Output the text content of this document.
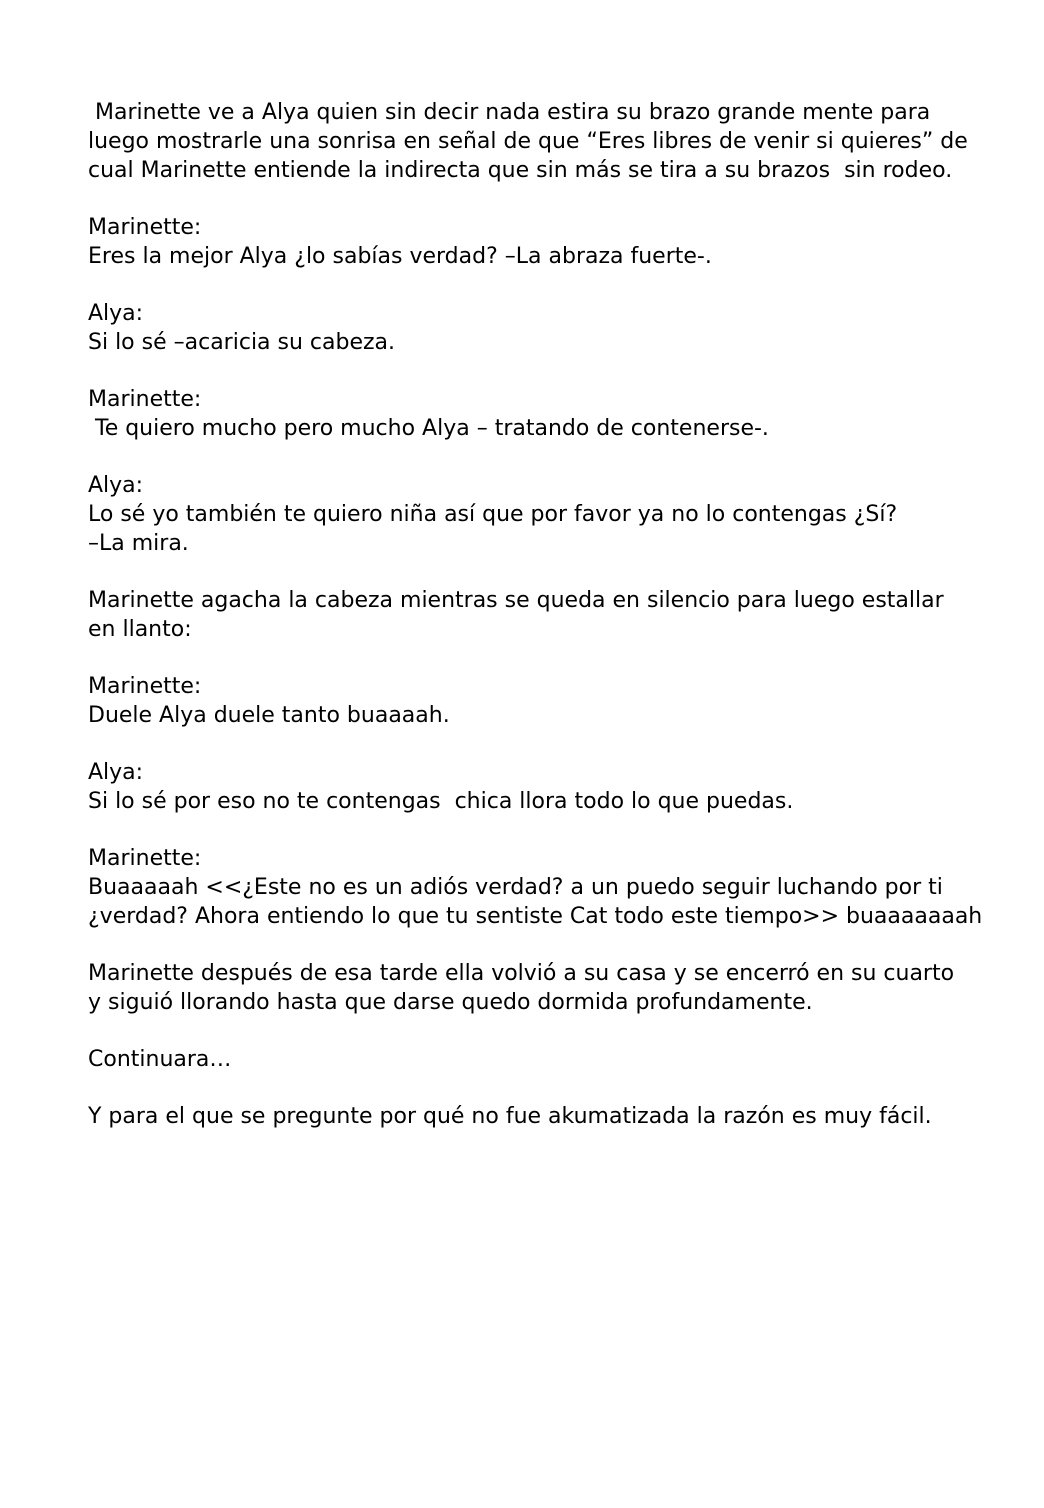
Marinette ve a Alya quien sin decir nada estira su brazo grande mente para
luego mostrarle una sonrisa en señal de que “Eres libres de venir si quieres” de
cual Marinette entiende la indirecta que sin más se tira a su brazos  sin rodeo.
Marinette:
Eres la mejor Alya ¿lo sabías verdad? –La abraza fuerte-.
Alya:
Si lo sé –acaricia su cabeza.
Marinette:
Te quiero mucho pero mucho Alya – tratando de contenerse-.
Alya:
Lo sé yo también te quiero niña así que por favor ya no lo contengas ¿Sí?
–La mira.
Marinette agacha la cabeza mientras se queda en silencio para luego estallar
en llanto:
Marinette:
Duele Alya duele tanto buaaaah.
Alya:
Si lo sé por eso no te contengas  chica llora todo lo que puedas.
Marinette:
Buaaaaah <<¿Este no es un adiós verdad? a un puedo seguir luchando por ti
¿verdad? Ahora entiendo lo que tu sentiste Cat todo este tiempo>> buaaaaaaah
Marinette después de esa tarde ella volvió a su casa y se encerró en su cuarto
y siguió llorando hasta que darse quedo dormida profundamente.
Continuara…
Y para el que se pregunte por qué no fue akumatizada la razón es muy fácil.
